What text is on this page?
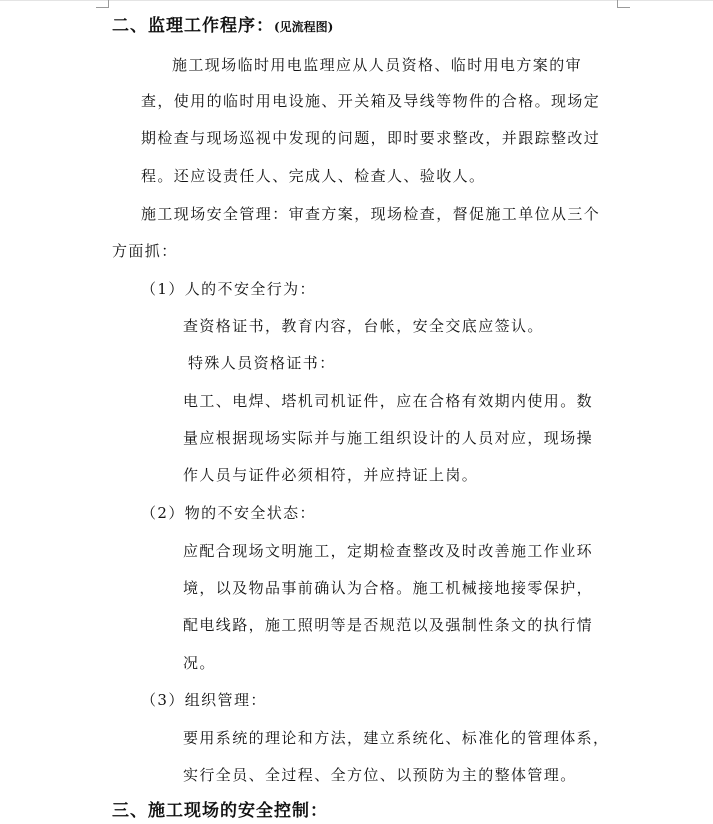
二、监理工作程序：(见流程图)
施工现场临时用电监理应从人员资格、临时用电方案的审
查，使用的临时用电设施、开关箱及导线等物件的合格。现场定
期检查与现场巡视中发现的问题，即时要求整改，并跟踪整改过
程。还应设责任人、完成人、检查人、验收人。
施工现场安全管理：审查方案，现场检查，督促施工单位从三个
方面抓：
（1）人的不安全行为：
查资格证书，教育内容，台帐，安全交底应签认。
特殊人员资格证书：
电工、电焊、塔机司机证件，应在合格有效期内使用。数
量应根据现场实际并与施工组织设计的人员对应，现场操
作人员与证件必须相符，并应持证上岗。
（2）物的不安全状态：
应配合现场文明施工，定期检查整改及时改善施工作业环
境，以及物品事前确认为合格。施工机械接地接零保护，
配电线路，施工照明等是否规范以及强制性条文的执行情
况。
（3）组织管理：
要用系统的理论和方法，建立系统化、标准化的管理体系，
实行全员、全过程、全方位、以预防为主的整体管理。
三、施工现场的安全控制：
